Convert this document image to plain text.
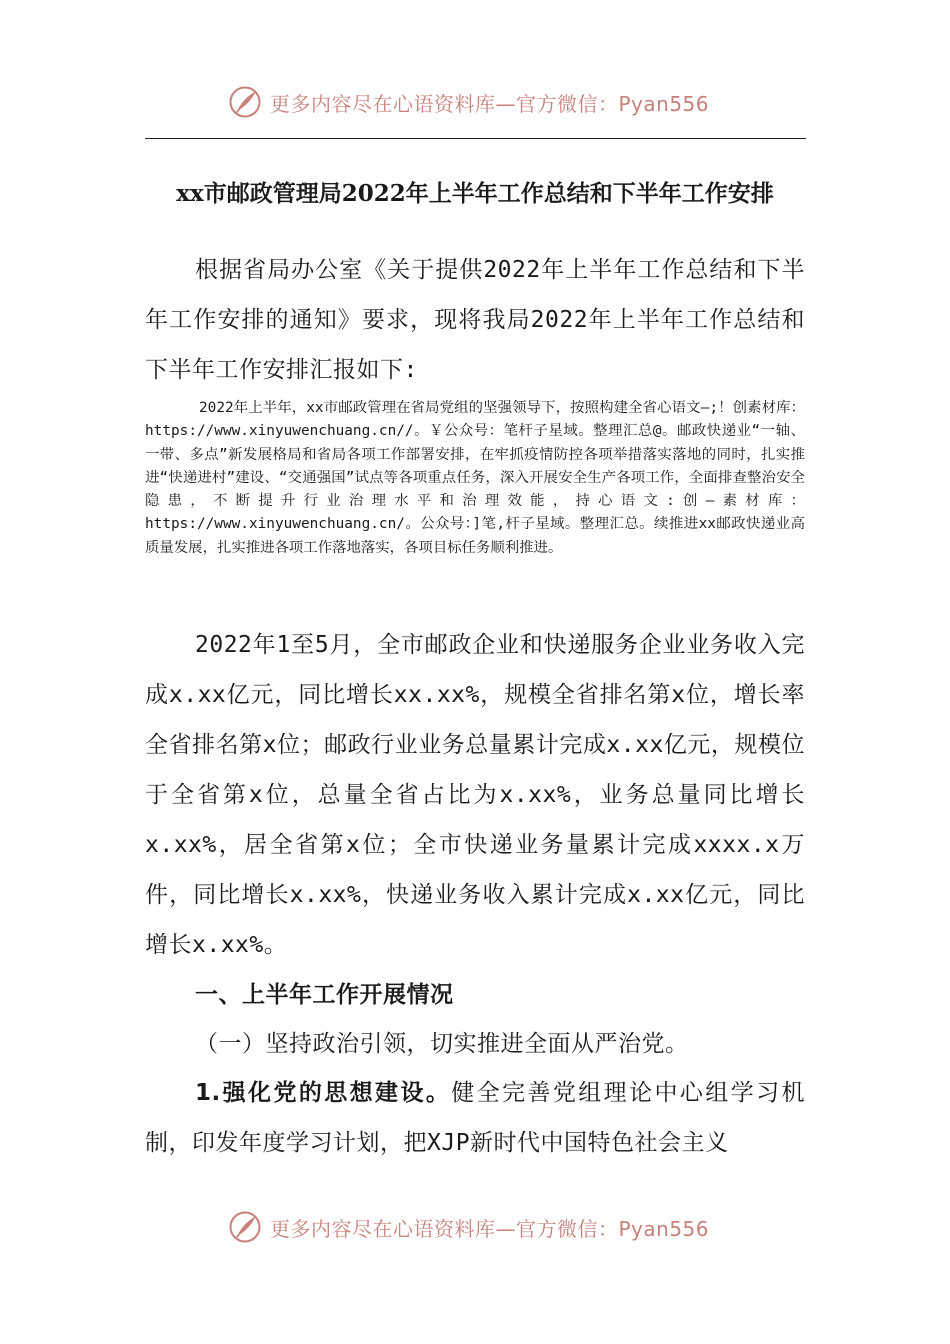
更多内容尽在心语资料库—官方微信：Pyan556
xx市邮政管理局2022年上半年工作总结和下半年工作安排

根据省局办公室《关于提供2022年上半年工作总结和下半年工作安排的通知》要求，现将我局2022年上半年工作总结和下半年工作安排汇报如下:

2022年上半年，xx市邮政管理在省局党组的坚强领导下，按照构建全省心语文—;！创素材库：https://www.xinyuwenchuang.cn//。￥公众号：笔杆子星域。整理汇总@。邮政快递业“一轴、一带、多点”新发展格局和省局各项工作部署安排，在牢抓疫情防控各项举措落实落地的同时，扎实推进“快递进村”建设、“交通强国”试点等各项重点任务，深入开展安全生产各项工作，全面排查整治安全隐患，不断提升行业治理水平和治理效能，持心语文:创—素材库：https://www.xinyuwenchuang.cn/。公众号：]笔,杆子星域。整理汇总。续推进xx邮政快递业高质量发展，扎实推进各项工作落地落实，各项目标任务顺利推进。

2022年1至5月，全市邮政企业和快递服务企业业务收入完成x.xx亿元，同比增长xx.xx%，规模全省排名第x位，增长率全省排名第x位；邮政行业业务总量累计完成x.xx亿元，规模位于全省第x位，总量全省占比为x.xx%，业务总量同比增长x.xx%，居全省第x位；全市快递业务量累计完成xxxx.x万件，同比增长x.xx%，快递业务收入累计完成x.xx亿元，同比增长x.xx%。

一、上半年工作开展情况
（一）坚持政治引领，切实推进全面从严治党。

1.强化党的思想建设。健全完善党组理论中心组学习机制，印发年度学习计划，把XJP新时代中国特色社会主义

更多内容尽在心语资料库—官方微信：Pyan556
